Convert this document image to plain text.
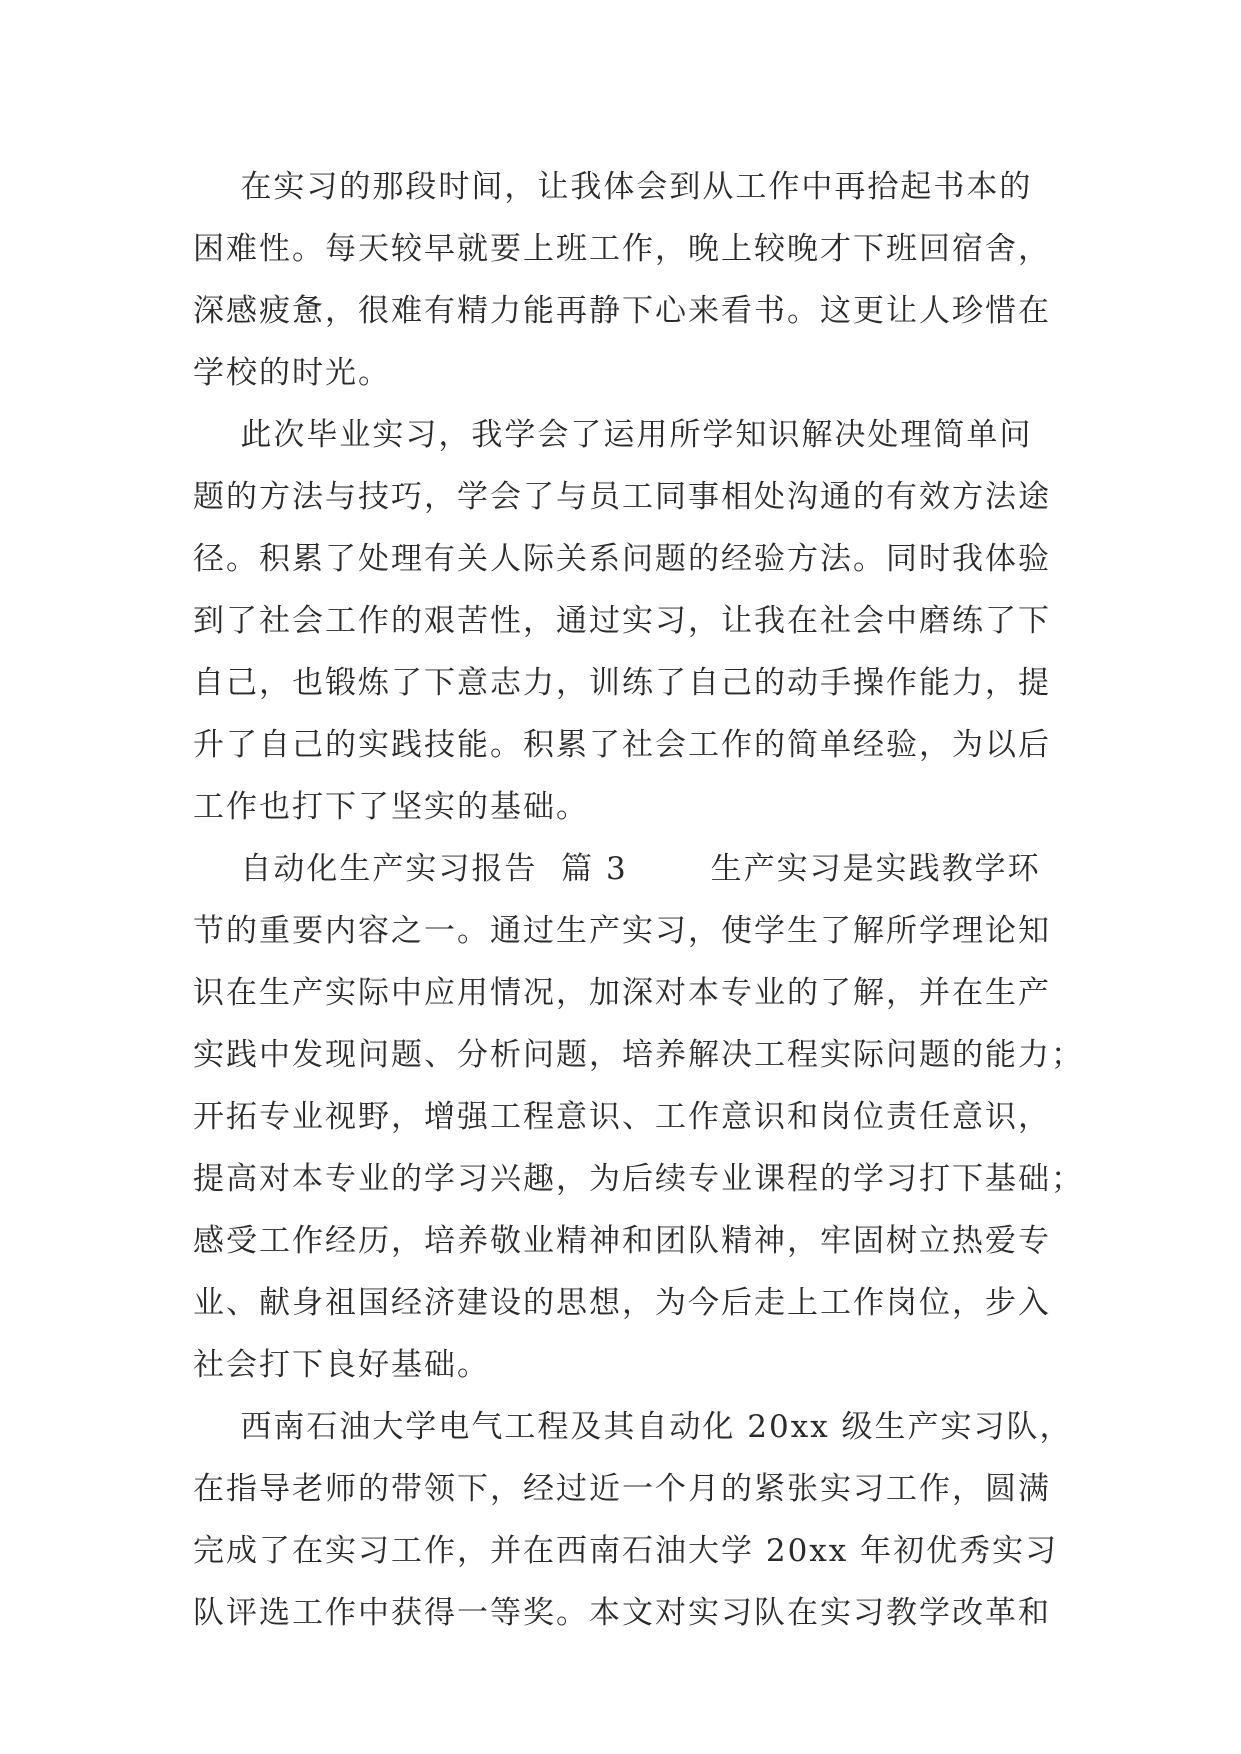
在实习的那段时间，让我体会到从工作中再拾起书本的

困难性。每天较早就要上班工作，晚上较晚才下班回宿舍，

深感疲惫，很难有精力能再静下心来看书。这更让人珍惜在

学校的时光。

此次毕业实习，我学会了运用所学知识解决处理简单问

题的方法与技巧，学会了与员工同事相处沟通的有效方法途

径。积累了处理有关人际关系问题的经验方法。同时我体验

到了社会工作的艰苦性，通过实习，让我在社会中磨练了下

自己，也锻炼了下意志力，训练了自己的动手操作能力，提

升了自己的实践技能。积累了社会工作的简单经验，为以后

工作也打下了坚实的基础。

自动化生产实习报告  篇 3       生产实习是实践教学环

节的重要内容之一。通过生产实习，使学生了解所学理论知

识在生产实际中应用情况，加深对本专业的了解，并在生产

实践中发现问题、分析问题，培养解决工程实际问题的能力；

开拓专业视野，增强工程意识、工作意识和岗位责任意识，

提高对本专业的学习兴趣，为后续专业课程的学习打下基础；

感受工作经历，培养敬业精神和团队精神，牢固树立热爱专

业、献身祖国经济建设的思想，为今后走上工作岗位，步入

社会打下良好基础。

西南石油大学电气工程及其自动化 20xx 级生产实习队，

在指导老师的带领下，经过近一个月的紧张实习工作，圆满

完成了在实习工作，并在西南石油大学 20xx 年初优秀实习

队评选工作中获得一等奖。本文对实习队在实习教学改革和
